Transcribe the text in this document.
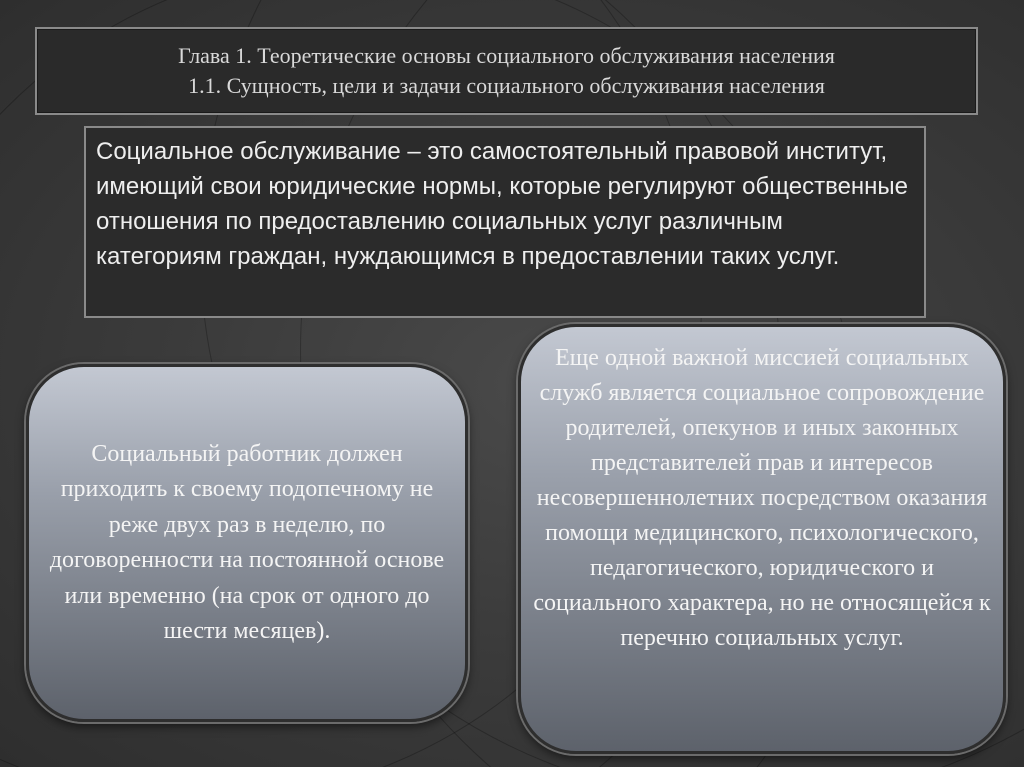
Глава 1. Теоретические основы социального обслуживания населения
1.1. Сущность, цели и задачи социального обслуживания населения
Социальное обслуживание – это самостоятельный правовой институт, имеющий свои юридические нормы, которые регулируют общественные отношения по предоставлению социальных услуг различным категориям граждан, нуждающимся в предоставлении таких услуг.
Социальный работник должен приходить к своему подопечному не реже двух раз в неделю, по договоренности на постоянной основе или временно (на срок от одного до шести месяцев).
Еще одной важной миссией социальных служб является социальное сопровождение родителей, опекунов и иных законных представителей прав и интересов несовершеннолетних посредством оказания помощи медицинского, психологического, педагогического, юридического и социального характера, но не относящейся к перечню социальных услуг.
